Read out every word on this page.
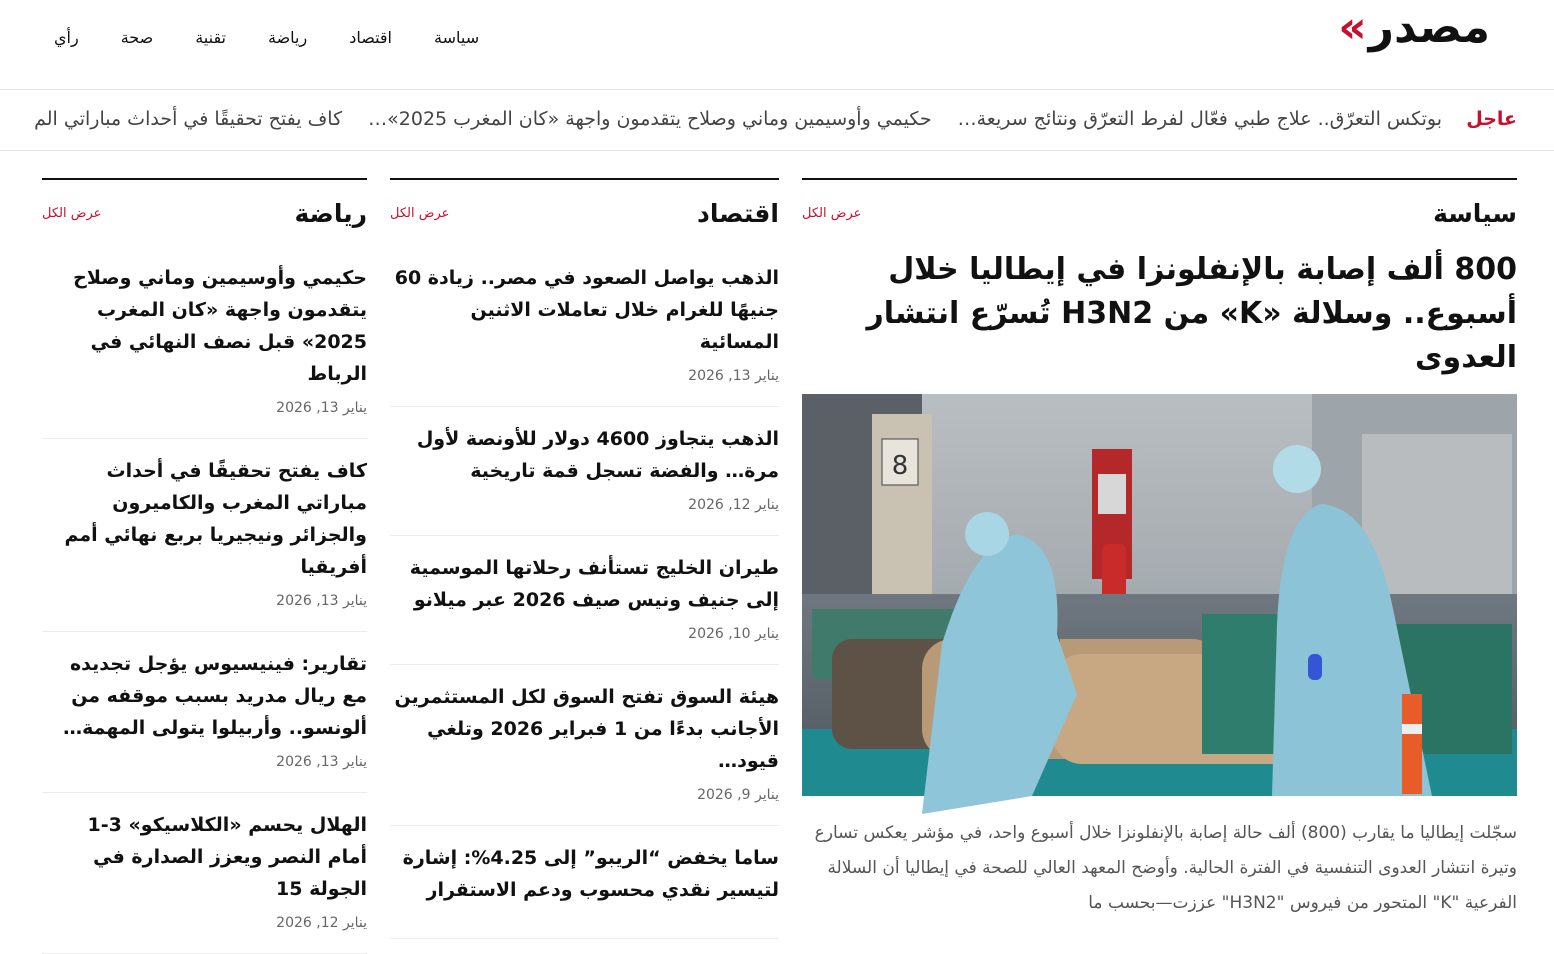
مصدر
»
سياسة
اقتصاد
رياضة
تقنية
صحة
رأي
عاجل
بوتكس التعرّق.. علاج طبي فعّال لفرط التعرّق ونتائج سريعة…
حكيمي وأوسيمين وماني وصلاح يتقدمون واجهة «كان المغرب 2025»…
كاف يفتح تحقيقًا في أحداث مباراتي الم
سياسة
عرض الكل
800 ألف إصابة بالإنفلونزا في إيطاليا خلال أسبوع.. وسلالة «K» من H3N2 تُسرّع انتشار العدوى
8

سجّلت إيطاليا ما يقارب (800) ألف حالة إصابة بالإنفلونزا خلال أسبوع واحد، في مؤشر يعكس تسارع وتيرة انتشار العدوى التنفسية في الفترة الحالية. وأوضح المعهد العالي للصحة في إيطاليا أن السلالة الفرعية "K" المتحور من فيروس "H3N2" عززت—بحسب ما

اقتصاد
عرض الكل
الذهب يواصل الصعود في مصر.. زيادة 60 جنيهًا للغرام خلال تعاملات الاثنين المسائية
يناير 13, 2026
الذهب يتجاوز 4600 دولار للأونصة لأول مرة… والفضة تسجل قمة تاريخية
يناير 12, 2026
طيران الخليج تستأنف رحلاتها الموسمية إلى جنيف ونيس صيف 2026 عبر ميلانو
يناير 10, 2026
هيئة السوق تفتح السوق لكل المستثمرين الأجانب بدءًا من 1 فبراير 2026 وتلغي قيود…
يناير 9, 2026
ساما يخفض “الريبو” إلى 4.25%: إشارة لتيسير نقدي محسوب ودعم الاستقرار
رياضة
عرض الكل
حكيمي وأوسيمين وماني وصلاح يتقدمون واجهة «كان المغرب 2025» قبل نصف النهائي في الرباط
يناير 13, 2026
كاف يفتح تحقيقًا في أحداث مباراتي المغرب والكاميرون والجزائر ونيجيريا بربع نهائي أمم أفريقيا
يناير 13, 2026
تقارير: فينيسيوس يؤجل تجديده مع ريال مدريد بسبب موقفه من ألونسو.. وأربيلوا يتولى المهمة…
يناير 13, 2026
الهلال يحسم «الكلاسيكو» 3-1 أمام النصر ويعزز الصدارة في الجولة 15
يناير 12, 2026
